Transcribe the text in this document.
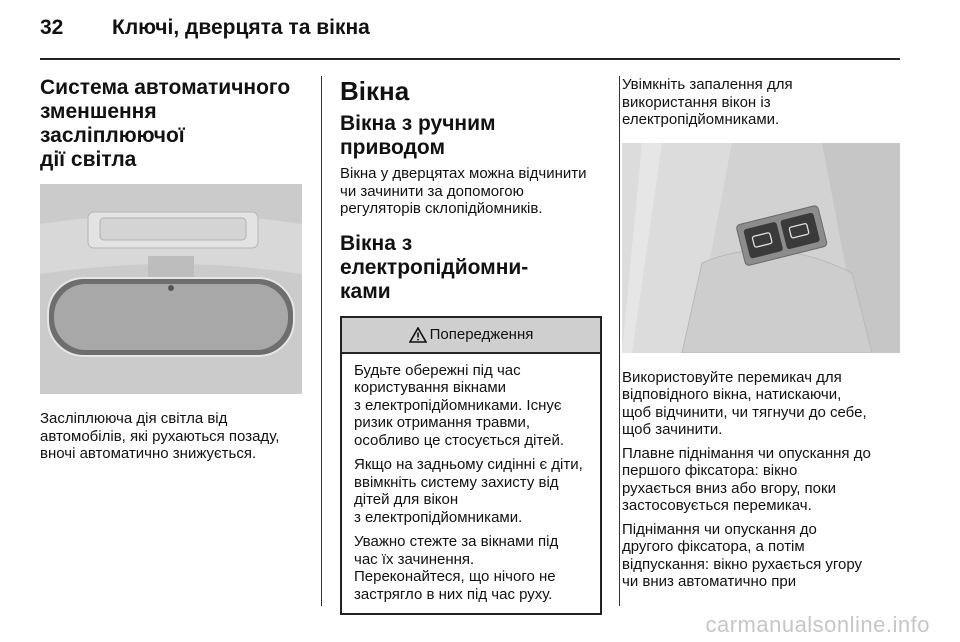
32	Ключі, дверцята та вікна
Система автоматичного
зменшення засліплюючої
дії світла

Засліплююча дія світла від
автомобілів, які рухаються позаду,
вночі автоматично знижується.

Вікна
Вікна з ручним приводом

Вікна у дверцятах можна відчинити
чи зачинити за допомогою
регуляторів склопідйомників.

Вікна з електропідйомни-
ками
Попередження

Будьте обережні під час
користування вікнами
з електропідйомниками. Існує
ризик отримання травми,
особливо це стосується дітей.

Якщо на задньому сидінні є діти,
ввімкніть систему захисту від
дітей для вікон
з електропідйомниками.

Уважно стежте за вікнами під
час їх зачинення.
Переконайтеся, що нічого не
застрягло в них під час руху.

Увімкніть запалення для
використання вікон із
електропідйомниками.

Використовуйте перемикач для
відповідного вікна, натискаючи,
щоб відчинити, чи тягнучи до себе,
щоб зачинити.

Плавне піднімання чи опускання до
першого фіксатора: вікно
рухається вниз або вгору, поки
застосовується перемикач.

Піднімання чи опускання до
другого фіксатора, а потім
відпускання: вікно рухається угору
чи вниз автоматично при

carmanualsonline.info
